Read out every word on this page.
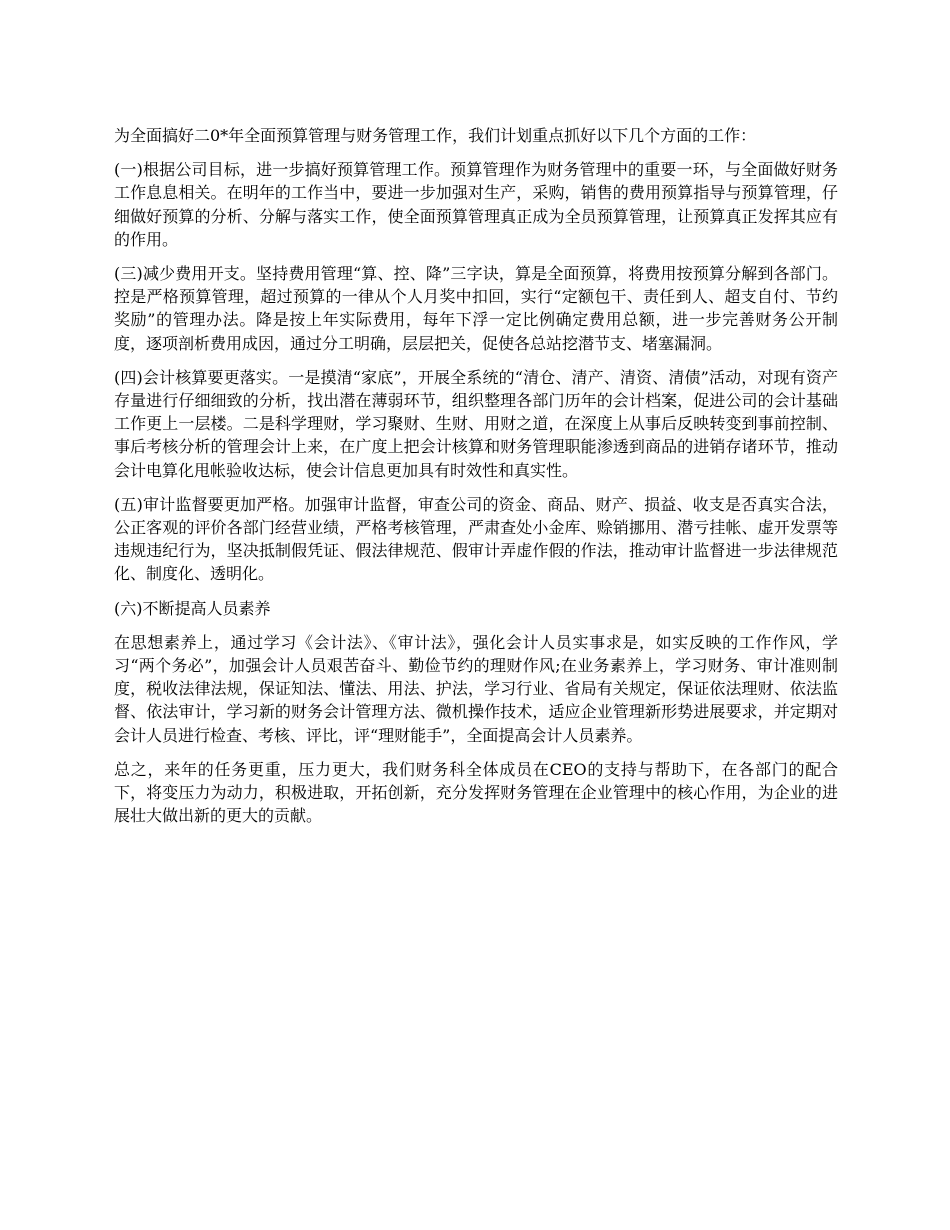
为全面搞好二0*年全面预算管理与财务管理工作，我们计划重点抓好以下几个方面的工作：

(一)根据公司目标，进一步搞好预算管理工作。预算管理作为财务管理中的重要一环，与全面做好财务工作息息相关。在明年的工作当中，要进一步加强对生产，采购，销售的费用预算指导与预算管理，仔细做好预算的分析、分解与落实工作，使全面预算管理真正成为全员预算管理，让预算真正发挥其应有的作用。

(三)减少费用开支。坚持费用管理“算、控、降”三字诀，算是全面预算，将费用按预算分解到各部门。控是严格预算管理，超过预算的一律从个人月奖中扣回，实行“定额包干、责任到人、超支自付、节约奖励”的管理办法。降是按上年实际费用，每年下浮一定比例确定费用总额，进一步完善财务公开制度，逐项剖析费用成因，通过分工明确，层层把关，促使各总站挖潜节支、堵塞漏洞。

(四)会计核算要更落实。一是摸清“家底”，开展全系统的“清仓、清产、清资、清债”活动，对现有资产存量进行仔细细致的分析，找出潜在薄弱环节，组织整理各部门历年的会计档案，促进公司的会计基础工作更上一层楼。二是科学理财，学习聚财、生财、用财之道，在深度上从事后反映转变到事前控制、事后考核分析的管理会计上来，在广度上把会计核算和财务管理职能渗透到商品的进销存诸环节，推动会计电算化甩帐验收达标，使会计信息更加具有时效性和真实性。

(五)审计监督要更加严格。加强审计监督，审查公司的资金、商品、财产、损益、收支是否真实合法，公正客观的评价各部门经营业绩，严格考核管理，严肃查处小金库、赊销挪用、潜亏挂帐、虚开发票等违规违纪行为，坚决抵制假凭证、假法律规范、假审计弄虚作假的作法，推动审计监督进一步法律规范化、制度化、透明化。

(六)不断提高人员素养

在思想素养上，通过学习《会计法》、《审计法》，强化会计人员实事求是，如实反映的工作作风，学习“两个务必”，加强会计人员艰苦奋斗、勤俭节约的理财作风;在业务素养上，学习财务、审计准则制度，税收法律法规，保证知法、懂法、用法、护法，学习行业、省局有关规定，保证依法理财、依法监督、依法审计，学习新的财务会计管理方法、微机操作技术，适应企业管理新形势进展要求，并定期对会计人员进行检查、考核、评比，评“理财能手”，全面提高会计人员素养。

总之，来年的任务更重，压力更大，我们财务科全体成员在CEO的支持与帮助下，在各部门的配合下，将变压力为动力，积极进取，开拓创新，充分发挥财务管理在企业管理中的核心作用，为企业的进展壮大做出新的更大的贡献。
